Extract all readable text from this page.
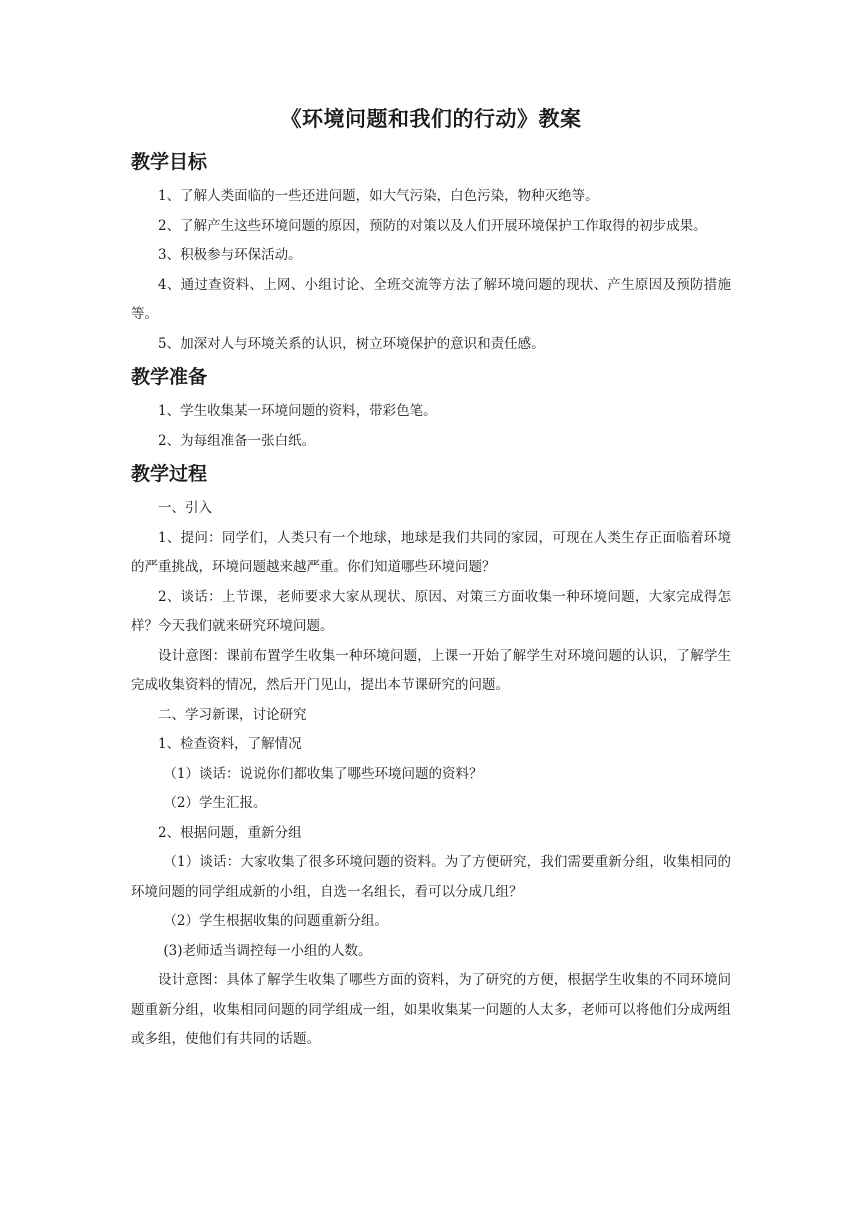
《环境问题和我们的行动》教案
教学目标

1、了解人类面临的一些还进问题，如大气污染，白色污染，物种灭绝等。

2、了解产生这些环境问题的原因，预防的对策以及人们开展环境保护工作取得的初步成果。

3、积极参与环保活动。

4、通过查资料、上网、小组讨论、全班交流等方法了解环境问题的现状、产生原因及预防措施等。

5、加深对人与环境关系的认识，树立环境保护的意识和责任感。

教学准备

1、学生收集某一环境问题的资料，带彩色笔。

2、为每组准备一张白纸。

教学过程

一、引入

1、提问：同学们，人类只有一个地球，地球是我们共同的家园，可现在人类生存正面临着环境的严重挑战，环境问题越来越严重。你们知道哪些环境问题？

2、谈话：上节课，老师要求大家从现状、原因、对策三方面收集一种环境问题，大家完成得怎样？今天我们就来研究环境问题。

设计意图：课前布置学生收集一种环境问题，上课一开始了解学生对环境问题的认识，了解学生完成收集资料的情况，然后开门见山，提出本节课研究的问题。

二、学习新课，讨论研究

1、检查资料，了解情况

（1）谈话：说说你们都收集了哪些环境问题的资料？

（2）学生汇报。

2、根据问题，重新分组

（1）谈话：大家收集了很多环境问题的资料。为了方便研究，我们需要重新分组，收集相同的环境问题的同学组成新的小组，自选一名组长，看可以分成几组？

（2）学生根据收集的问题重新分组。

(3)老师适当调控每一小组的人数。

设计意图：具体了解学生收集了哪些方面的资料，为了研究的方便，根据学生收集的不同环境问题重新分组，收集相同问题的同学组成一组，如果收集某一问题的人太多，老师可以将他们分成两组或多组，使他们有共同的话题。
